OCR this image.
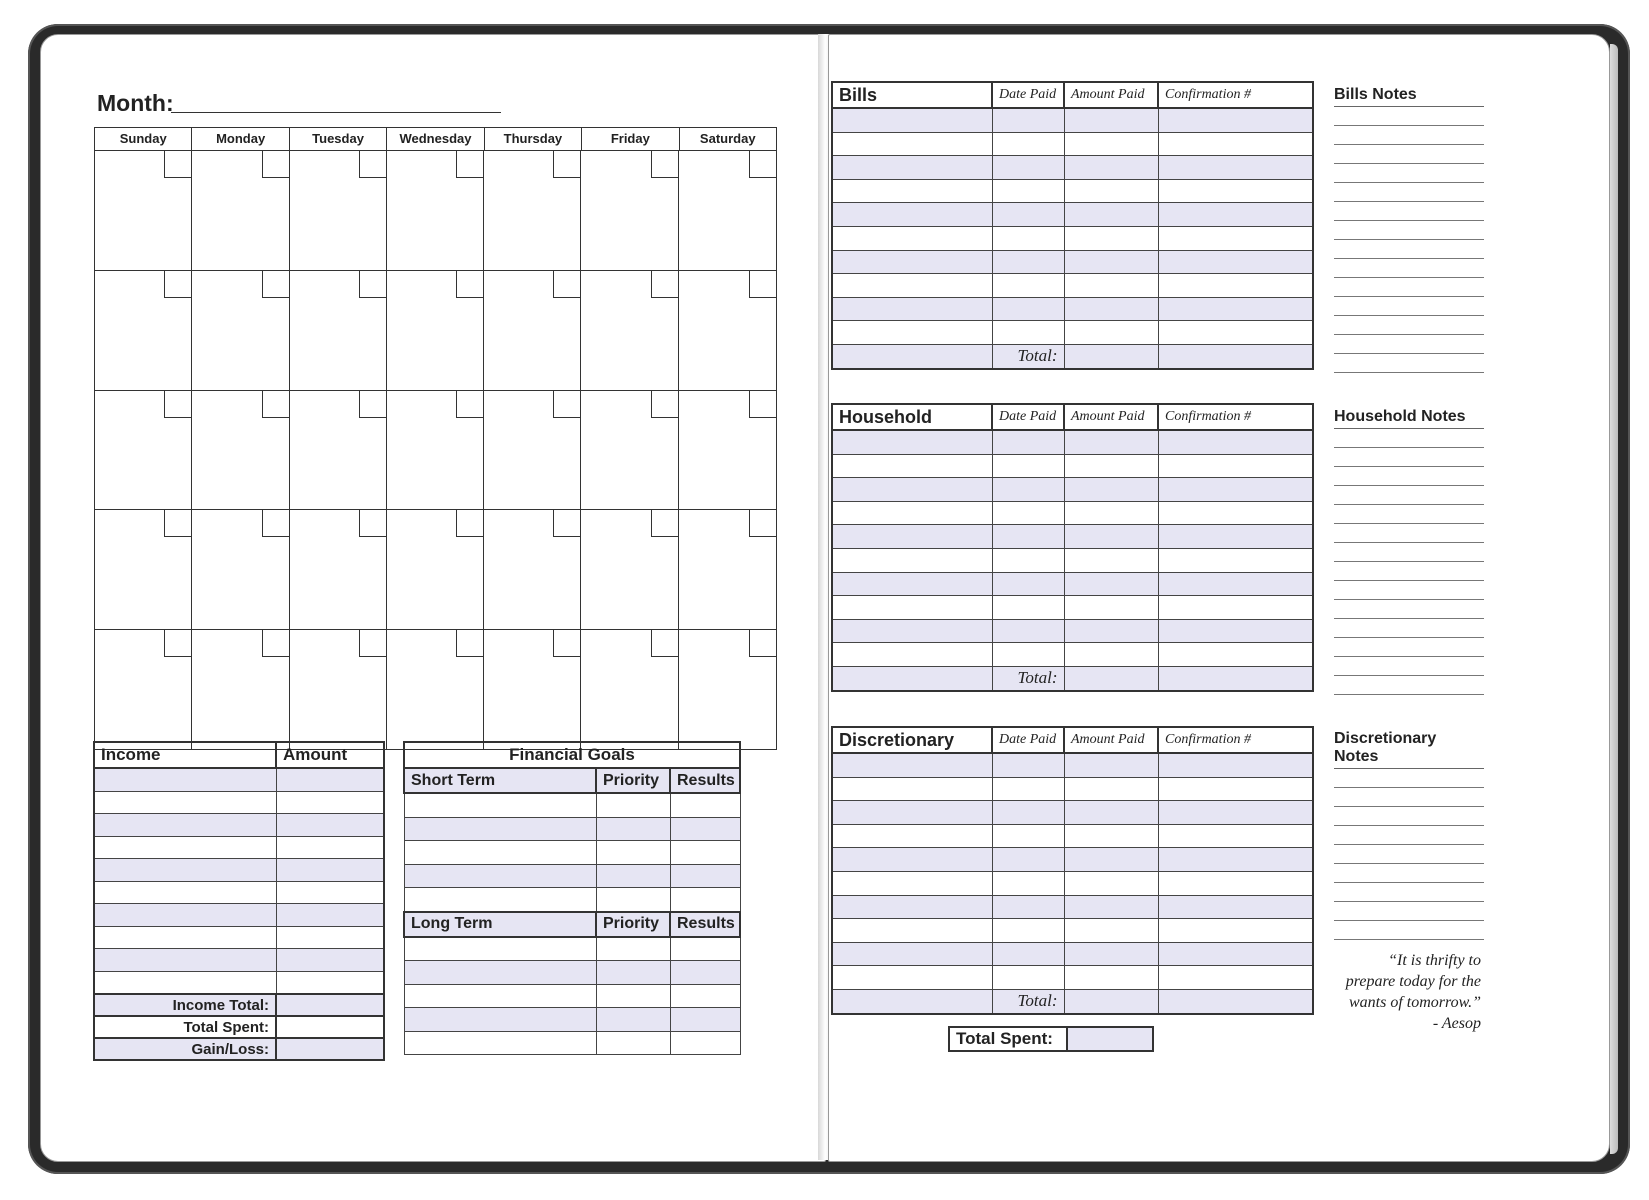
Month:
Sunday	Monday	Tuesday	Wednesday	Thursday	Friday	Saturday
Income	Amount

Income Total:	
Total Spent:	
Gain/Loss:	
Financial Goals		
Short Term	Priority	Results

Long Term	Priority	Results

Bills	Date Paid	Amount Paid	Confirmation #

	Total:		
Household	Date Paid	Amount Paid	Confirmation #

	Total:		
Discretionary	Date Paid	Amount Paid	Confirmation #

	Total:		
Bills Notes
Household Notes
Discretionary Notes
Total Spent:	
“It is thrifty to
prepare today for the
wants of tomorrow.”
- Aesop
